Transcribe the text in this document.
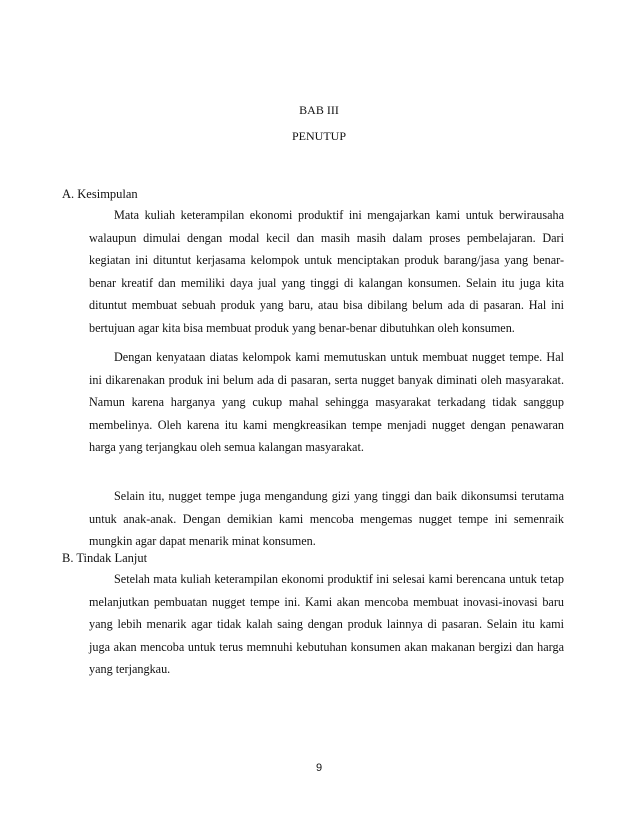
BAB III
PENUTUP
A. Kesimpulan

Mata kuliah keterampilan ekonomi produktif ini mengajarkan kami untuk berwirausaha walaupun dimulai dengan modal kecil dan masih masih dalam proses pembelajaran. Dari kegiatan ini dituntut kerjasama kelompok untuk menciptakan produk barang/jasa yang benar-benar kreatif dan memiliki daya jual yang tinggi di kalangan konsumen. Selain itu juga kita dituntut membuat sebuah produk yang baru, atau bisa dibilang belum ada di pasaran. Hal ini bertujuan agar kita bisa membuat produk yang benar-benar dibutuhkan oleh konsumen.

Dengan kenyataan diatas kelompok kami memutuskan untuk membuat nugget tempe. Hal ini dikarenakan produk ini belum ada di pasaran, serta nugget banyak diminati oleh masyarakat. Namun karena harganya yang cukup mahal sehingga masyarakat terkadang tidak sanggup membelinya. Oleh karena itu kami mengkreasikan tempe menjadi nugget dengan penawaran harga yang terjangkau oleh semua kalangan masyarakat.

Selain itu, nugget tempe juga mengandung gizi yang tinggi dan baik dikonsumsi terutama untuk anak-anak. Dengan demikian kami mencoba mengemas nugget tempe ini semenraik mungkin agar dapat menarik minat konsumen.

B. Tindak Lanjut

Setelah mata kuliah keterampilan ekonomi produktif ini selesai kami berencana untuk tetap melanjutkan pembuatan nugget tempe ini. Kami akan mencoba membuat inovasi-inovasi baru yang lebih menarik agar tidak kalah saing dengan produk lainnya di pasaran. Selain itu kami juga akan mencoba untuk terus memnuhi kebutuhan konsumen akan makanan bergizi dan harga yang terjangkau.

9
